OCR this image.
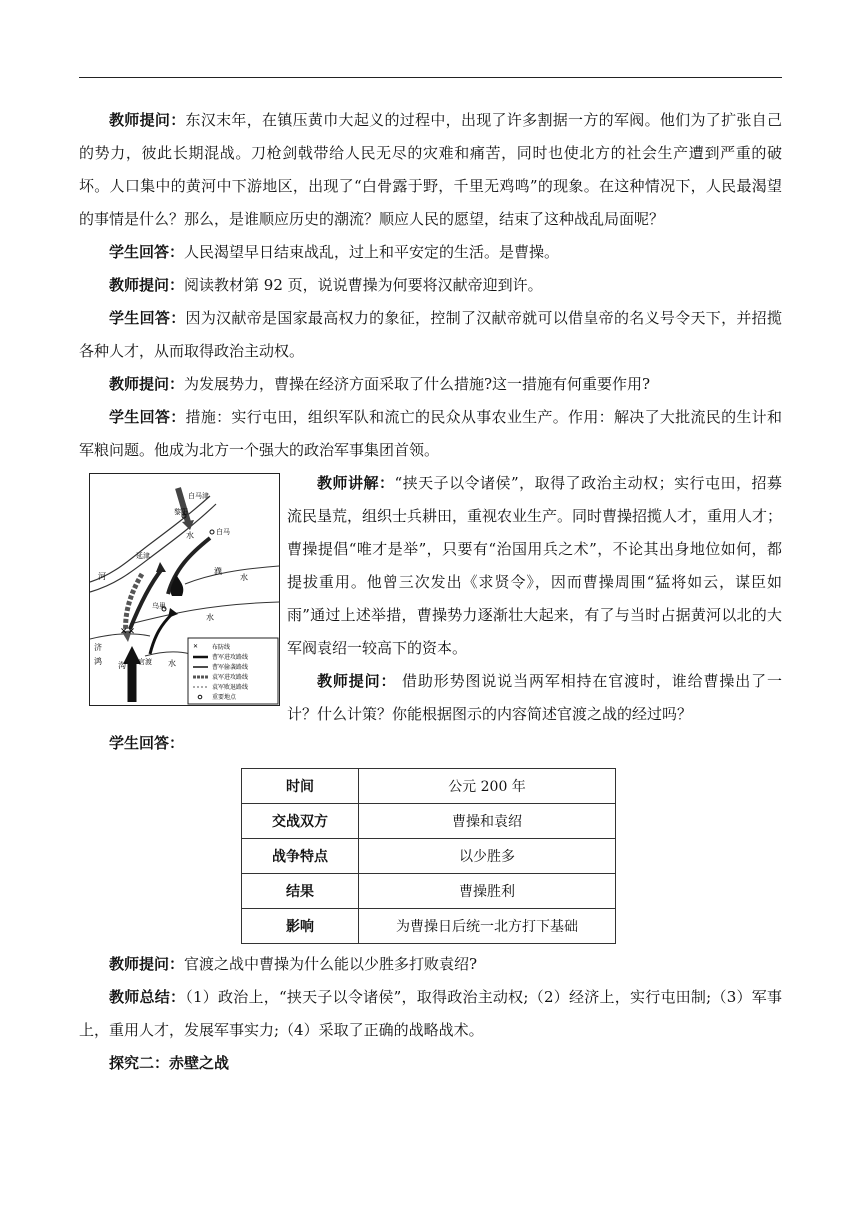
教师提问：东汉末年，在镇压黄巾大起义的过程中，出现了许多割据一方的军阀。他们为了扩张自己的势力，彼此长期混战。刀枪剑戟带给人民无尽的灾难和痛苦，同时也使北方的社会生产遭到严重的破坏。人口集中的黄河中下游地区，出现了“白骨露于野，千里无鸡鸣”的现象。在这种情况下，人民最渴望的事情是什么？那么，是谁顺应历史的潮流？顺应人民的愿望，结束了这种战乱局面呢？

学生回答：人民渴望早日结束战乱，过上和平安定的生活。是曹操。

教师提问：阅读教材第 92 页，说说曹操为何要将汉献帝迎到许。

学生回答：因为汉献帝是国家最高权力的象征，控制了汉献帝就可以借皇帝的名义号令天下，并招揽各种人才，从而取得政治主动权。

教师提问：为发展势力，曹操在经济方面采取了什么措施?这一措施有何重要作用?

学生回答：措施：实行屯田，组织军队和流亡的民众从事农业生产。作用：解决了大批流民的生计和军粮问题。他成为北方一个强大的政治军事集团首领。

✕✕
白马津
黎阳
白马
延津
河
水
濮
水
乌巢
水
济
鸿 沟 官渡 水
✕ 布防线
曹军进攻路线
曹军偷袭路线
袁军进攻路线
袁军败退路线
重要地点

教师讲解：“挟天子以令诸侯”，取得了政治主动权；实行屯田，招募流民垦荒，组织士兵耕田，重视农业生产。同时曹操招揽人才，重用人才；曹操提倡“唯才是举”，只要有“治国用兵之术”，不论其出身地位如何，都提拔重用。他曾三次发出《求贤令》，因而曹操周围“猛将如云，谋臣如雨”通过上述举措，曹操势力逐渐壮大起来，有了与当时占据黄河以北的大军阀袁绍一较高下的资本。

教师提问： 借助形势图说说当两军相持在官渡时，谁给曹操出了一计？什么计策？你能根据图示的内容简述官渡之战的经过吗？

学生回答：

时间	公元 200 年
交战双方	曹操和袁绍
战争特点	以少胜多
结果	曹操胜利
影响	为曹操日后统一北方打下基础

教师提问：官渡之战中曹操为什么能以少胜多打败袁绍?

教师总结：（1）政治上，“挟天子以令诸侯”，取得政治主动权;（2）经济上，实行屯田制;（3）军事上，重用人才，发展军事实力;（4）采取了正确的战略战术。

探究二：赤壁之战
